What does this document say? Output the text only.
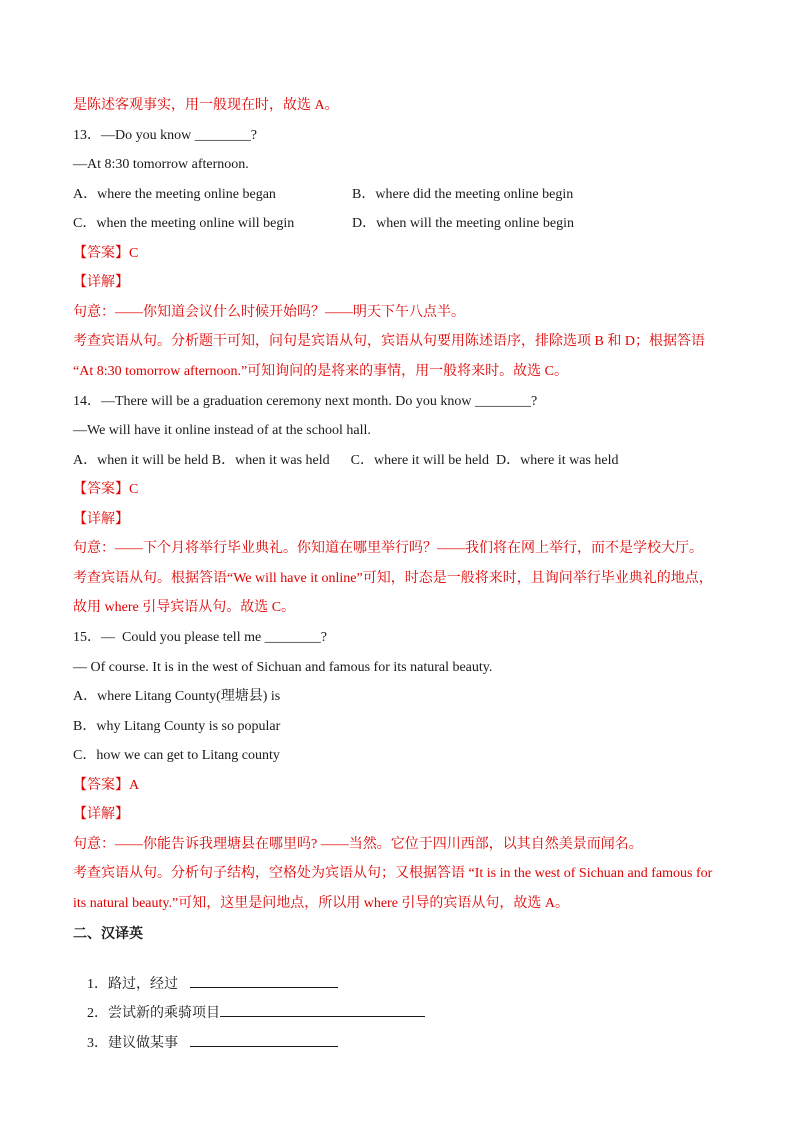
是陈述客观事实，用一般现在时，故选 A。
13．—Do you know ________?
—At 8:30 tomorrow afternoon.
A．where the meeting online began	B．where did the meeting online begin
C．when the meeting online will begin	D．when will the meeting online begin
【答案】C
【详解】
句意：——你知道会议什么时候开始吗？——明天下午八点半。
考查宾语从句。分析题干可知，问句是宾语从句，宾语从句要用陈述语序，排除选项 B 和 D；根据答语
“At 8:30 tomorrow afternoon.”可知询问的是将来的事情，用一般将来时。故选 C。
14．—There will be a graduation ceremony next month. Do you know ________?
—We will have it online instead of at the school hall.
A．when it will be held B．when it was held      C．where it will be held  D．where it was held
【答案】C
【详解】
句意：——下个月将举行毕业典礼。你知道在哪里举行吗？——我们将在网上举行，而不是学校大厅。
考查宾语从句。根据答语“We will have it online”可知，时态是一般将来时，且询问举行毕业典礼的地点，
故用 where 引导宾语从句。故选 C。
15．—  Could you please tell me ________?
— Of course. It is in the west of Sichuan and famous for its natural beauty.
A．where Litang County(理塘县) is
B．why Litang County is so popular
C．how we can get to Litang county
【答案】A
【详解】
句意：——你能告诉我理塘县在哪里吗? ——当然。它位于四川西部，以其自然美景而闻名。
考查宾语从句。分析句子结构，空格处为宾语从句；又根据答语 “It is in the west of Sichuan and famous for
its natural beauty.”可知，这里是问地点，所以用 where 引导的宾语从句，故选 A。
二、汉译英

1．路过，经过

2．尝试新的乘骑项目

3．建议做某事
